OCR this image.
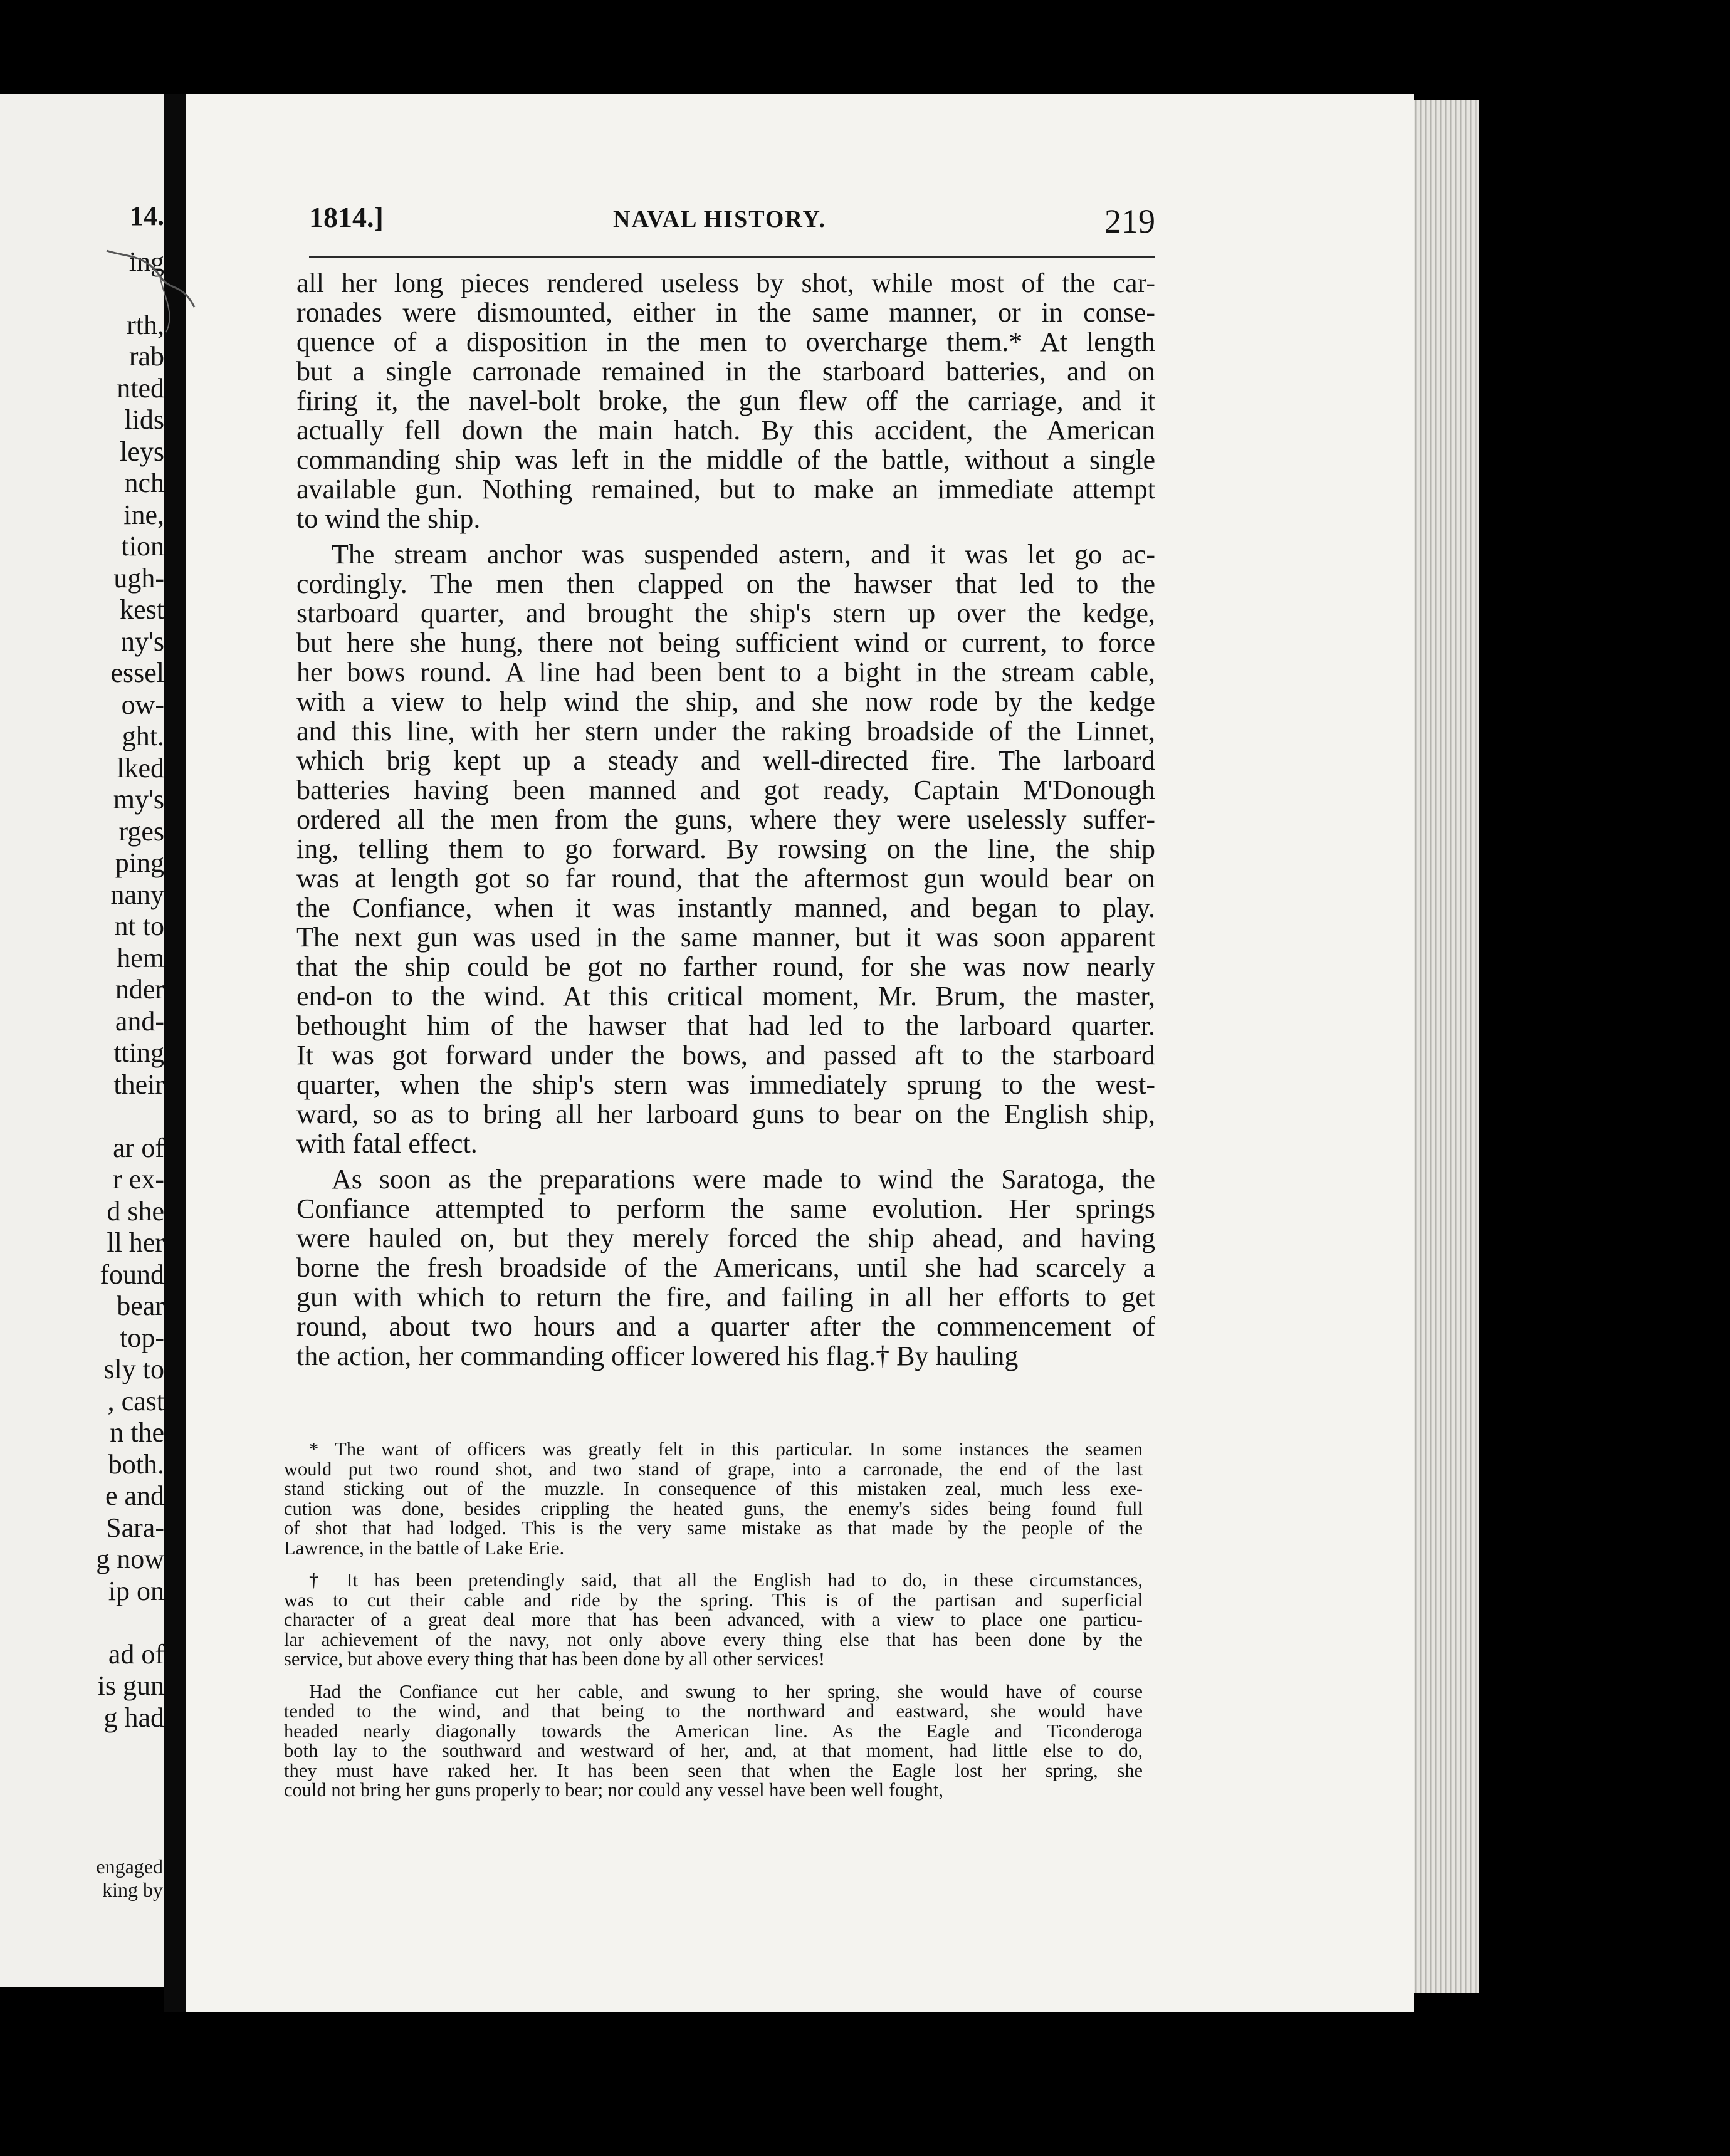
14.
ing

rth,
rab
nted
lids
leys
nch
ine,
tion
ugh-
kest
ny's
essel
ow-
ght.
lked
my's
rges
ping
nany
nt to
hem
nder
and-
tting
their

ar of
r ex-
d she
ll her
found
bear
top-
sly to
, cast
n the
both.
e and
Sara-
g now
ip on

ad of
is gun
g had
engaged
king by
1814.]	NAVAL HISTORY.	219
all her long pieces rendered useless by shot, while most of the car-
ronades were dismounted, either in the same manner, or in conse-
quence of a disposition in the men to overcharge them.* At length
but a single carronade remained in the starboard batteries, and on
firing it, the navel-bolt broke, the gun flew off the carriage, and it
actually fell down the main hatch. By this accident, the American
commanding ship was left in the middle of the battle, without a single
available gun. Nothing remained, but to make an immediate attempt
to wind the ship.
The stream anchor was suspended astern, and it was let go ac-
cordingly. The men then clapped on the hawser that led to the
starboard quarter, and brought the ship's stern up over the kedge,
but here she hung, there not being sufficient wind or current, to force
her bows round. A line had been bent to a bight in the stream cable,
with a view to help wind the ship, and she now rode by the kedge
and this line, with her stern under the raking broadside of the Linnet,
which brig kept up a steady and well-directed fire. The larboard
batteries having been manned and got ready, Captain M'Donough
ordered all the men from the guns, where they were uselessly suffer-
ing, telling them to go forward. By rowsing on the line, the ship
was at length got so far round, that the aftermost gun would bear on
the Confiance, when it was instantly manned, and began to play.
The next gun was used in the same manner, but it was soon apparent
that the ship could be got no farther round, for she was now nearly
end-on to the wind. At this critical moment, Mr. Brum, the master,
bethought him of the hawser that had led to the larboard quarter.
It was got forward under the bows, and passed aft to the starboard
quarter, when the ship's stern was immediately sprung to the west-
ward, so as to bring all her larboard guns to bear on the English ship,
with fatal effect.
As soon as the preparations were made to wind the Saratoga, the
Confiance attempted to perform the same evolution. Her springs
were hauled on, but they merely forced the ship ahead, and having
borne the fresh broadside of the Americans, until she had scarcely a
gun with which to return the fire, and failing in all her efforts to get
round, about two hours and a quarter after the commencement of
the action, her commanding officer lowered his flag.† By hauling
* The want of officers was greatly felt in this particular. In some instances the seamen
would put two round shot, and two stand of grape, into a carronade, the end of the last
stand sticking out of the muzzle. In consequence of this mistaken zeal, much less exe-
cution was done, besides crippling the heated guns, the enemy's sides being found full
of shot that had lodged. This is the very same mistake as that made by the people of the
Lawrence, in the battle of Lake Erie.
† It has been pretendingly said, that all the English had to do, in these circumstances,
was to cut their cable and ride by the spring. This is of the partisan and superficial
character of a great deal more that has been advanced, with a view to place one particu-
lar achievement of the navy, not only above every thing else that has been done by the
service, but above every thing that has been done by all other services!
Had the Confiance cut her cable, and swung to her spring, she would have of course
tended to the wind, and that being to the northward and eastward, she would have
headed nearly diagonally towards the American line. As the Eagle and Ticonderoga
both lay to the southward and westward of her, and, at that moment, had little else to do,
they must have raked her. It has been seen that when the Eagle lost her spring, she
could not bring her guns properly to bear; nor could any vessel have been well fought,
